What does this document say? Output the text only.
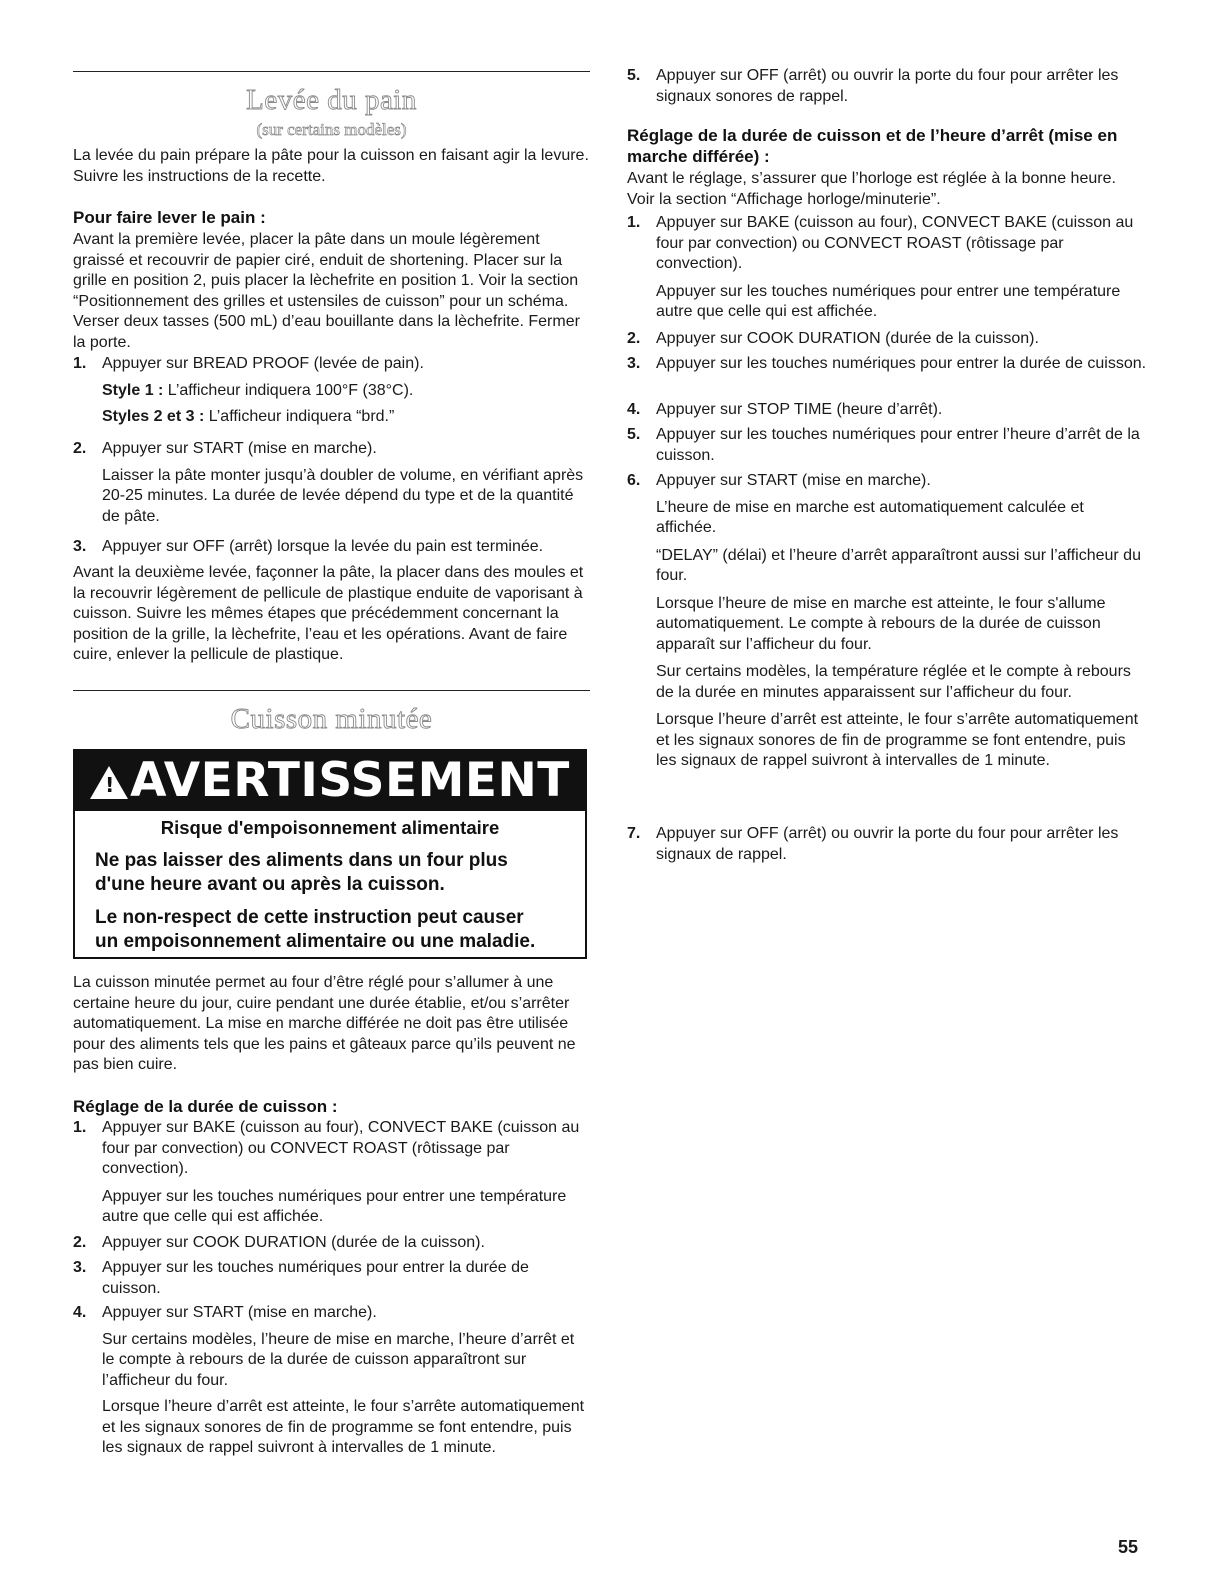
Levée du pain
(sur certains modèles)

La levée du pain prépare la pâte pour la cuisson en faisant agir la levure. Suivre les instructions de la recette.

Pour faire lever le pain :

Avant la première levée, placer la pâte dans un moule légèrement graissé et recouvrir de papier ciré, enduit de shortening. Placer sur la grille en position 2, puis placer la lèchefrite en position 1. Voir la section “Positionnement des grilles et ustensiles de cuisson” pour un schéma. Verser deux tasses (500 mL) d’eau bouillante dans la lèchefrite. Fermer la porte.

1. Appuyer sur BREAD PROOF (levée de pain).

Style 1 : L’afficheur indiquera 100°F (38°C).

Styles 2 et 3 : L’afficheur indiquera “brd.”

2. Appuyer sur START (mise en marche).

Laisser la pâte monter jusqu’à doubler de volume, en vérifiant après 20-25 minutes. La durée de levée dépend du type et de la quantité de pâte.

3. Appuyer sur OFF (arrêt) lorsque la levée du pain est terminée.

Avant la deuxième levée, façonner la pâte, la placer dans des moules et la recouvrir légèrement de pellicule de plastique enduite de vaporisant à cuisson. Suivre les mêmes étapes que précédemment concernant la position de la grille, la lèchefrite, l’eau et les opérations. Avant de faire cuire, enlever la pellicule de plastique.

Cuisson minutée
! AVERTISSEMENT

Risque d'empoisonnement alimentaire

Ne pas laisser des aliments dans un four plus

d'une heure avant ou après la cuisson.

Le non-respect de cette instruction peut causer

un empoisonnement alimentaire ou une maladie.

La cuisson minutée permet au four d’être réglé pour s’allumer à une certaine heure du jour, cuire pendant une durée établie, et/ou s’arrêter automatiquement. La mise en marche différée ne doit pas être utilisée pour des aliments tels que les pains et gâteaux parce qu’ils peuvent ne pas bien cuire.

Réglage de la durée de cuisson :

1. Appuyer sur BAKE (cuisson au four), CONVECT BAKE (cuisson au four par convection) ou CONVECT ROAST (rôtissage par convection).

Appuyer sur les touches numériques pour entrer une température autre que celle qui est affichée.

2. Appuyer sur COOK DURATION (durée de la cuisson).

3. Appuyer sur les touches numériques pour entrer la durée de cuisson.

4. Appuyer sur START (mise en marche).

Sur certains modèles, l’heure de mise en marche, l’heure d’arrêt et le compte à rebours de la durée de cuisson apparaîtront sur l’afficheur du four.

Lorsque l’heure d’arrêt est atteinte, le four s’arrête automatiquement et les signaux sonores de fin de programme se font entendre, puis les signaux de rappel suivront à intervalles de 1 minute.

5. Appuyer sur OFF (arrêt) ou ouvrir la porte du four pour arrêter les signaux sonores de rappel.

Réglage de la durée de cuisson et de l’heure d’arrêt (mise en marche différée) :

Avant le réglage, s’assurer que l’horloge est réglée à la bonne heure. Voir la section “Affichage horloge/minuterie”.

1. Appuyer sur BAKE (cuisson au four), CONVECT BAKE (cuisson au four par convection) ou CONVECT ROAST (rôtissage par convection).

Appuyer sur les touches numériques pour entrer une température autre que celle qui est affichée.

2. Appuyer sur COOK DURATION (durée de la cuisson).

3. Appuyer sur les touches numériques pour entrer la durée de cuisson.

4. Appuyer sur STOP TIME (heure d’arrêt).

5. Appuyer sur les touches numériques pour entrer l’heure d’arrêt de la cuisson.

6. Appuyer sur START (mise en marche).

L’heure de mise en marche est automatiquement calculée et affichée.

“DELAY” (délai) et l’heure d’arrêt apparaîtront aussi sur l’afficheur du four.

Lorsque l’heure de mise en marche est atteinte, le four s'allume automatiquement. Le compte à rebours de la durée de cuisson apparaît sur l’afficheur du four.

Sur certains modèles, la température réglée et le compte à rebours de la durée en minutes apparaissent sur l’afficheur du four.

Lorsque l’heure d’arrêt est atteinte, le four s’arrête automatiquement et les signaux sonores de fin de programme se font entendre, puis les signaux de rappel suivront à intervalles de 1 minute.

7. Appuyer sur OFF (arrêt) ou ouvrir la porte du four pour arrêter les signaux de rappel.

55
